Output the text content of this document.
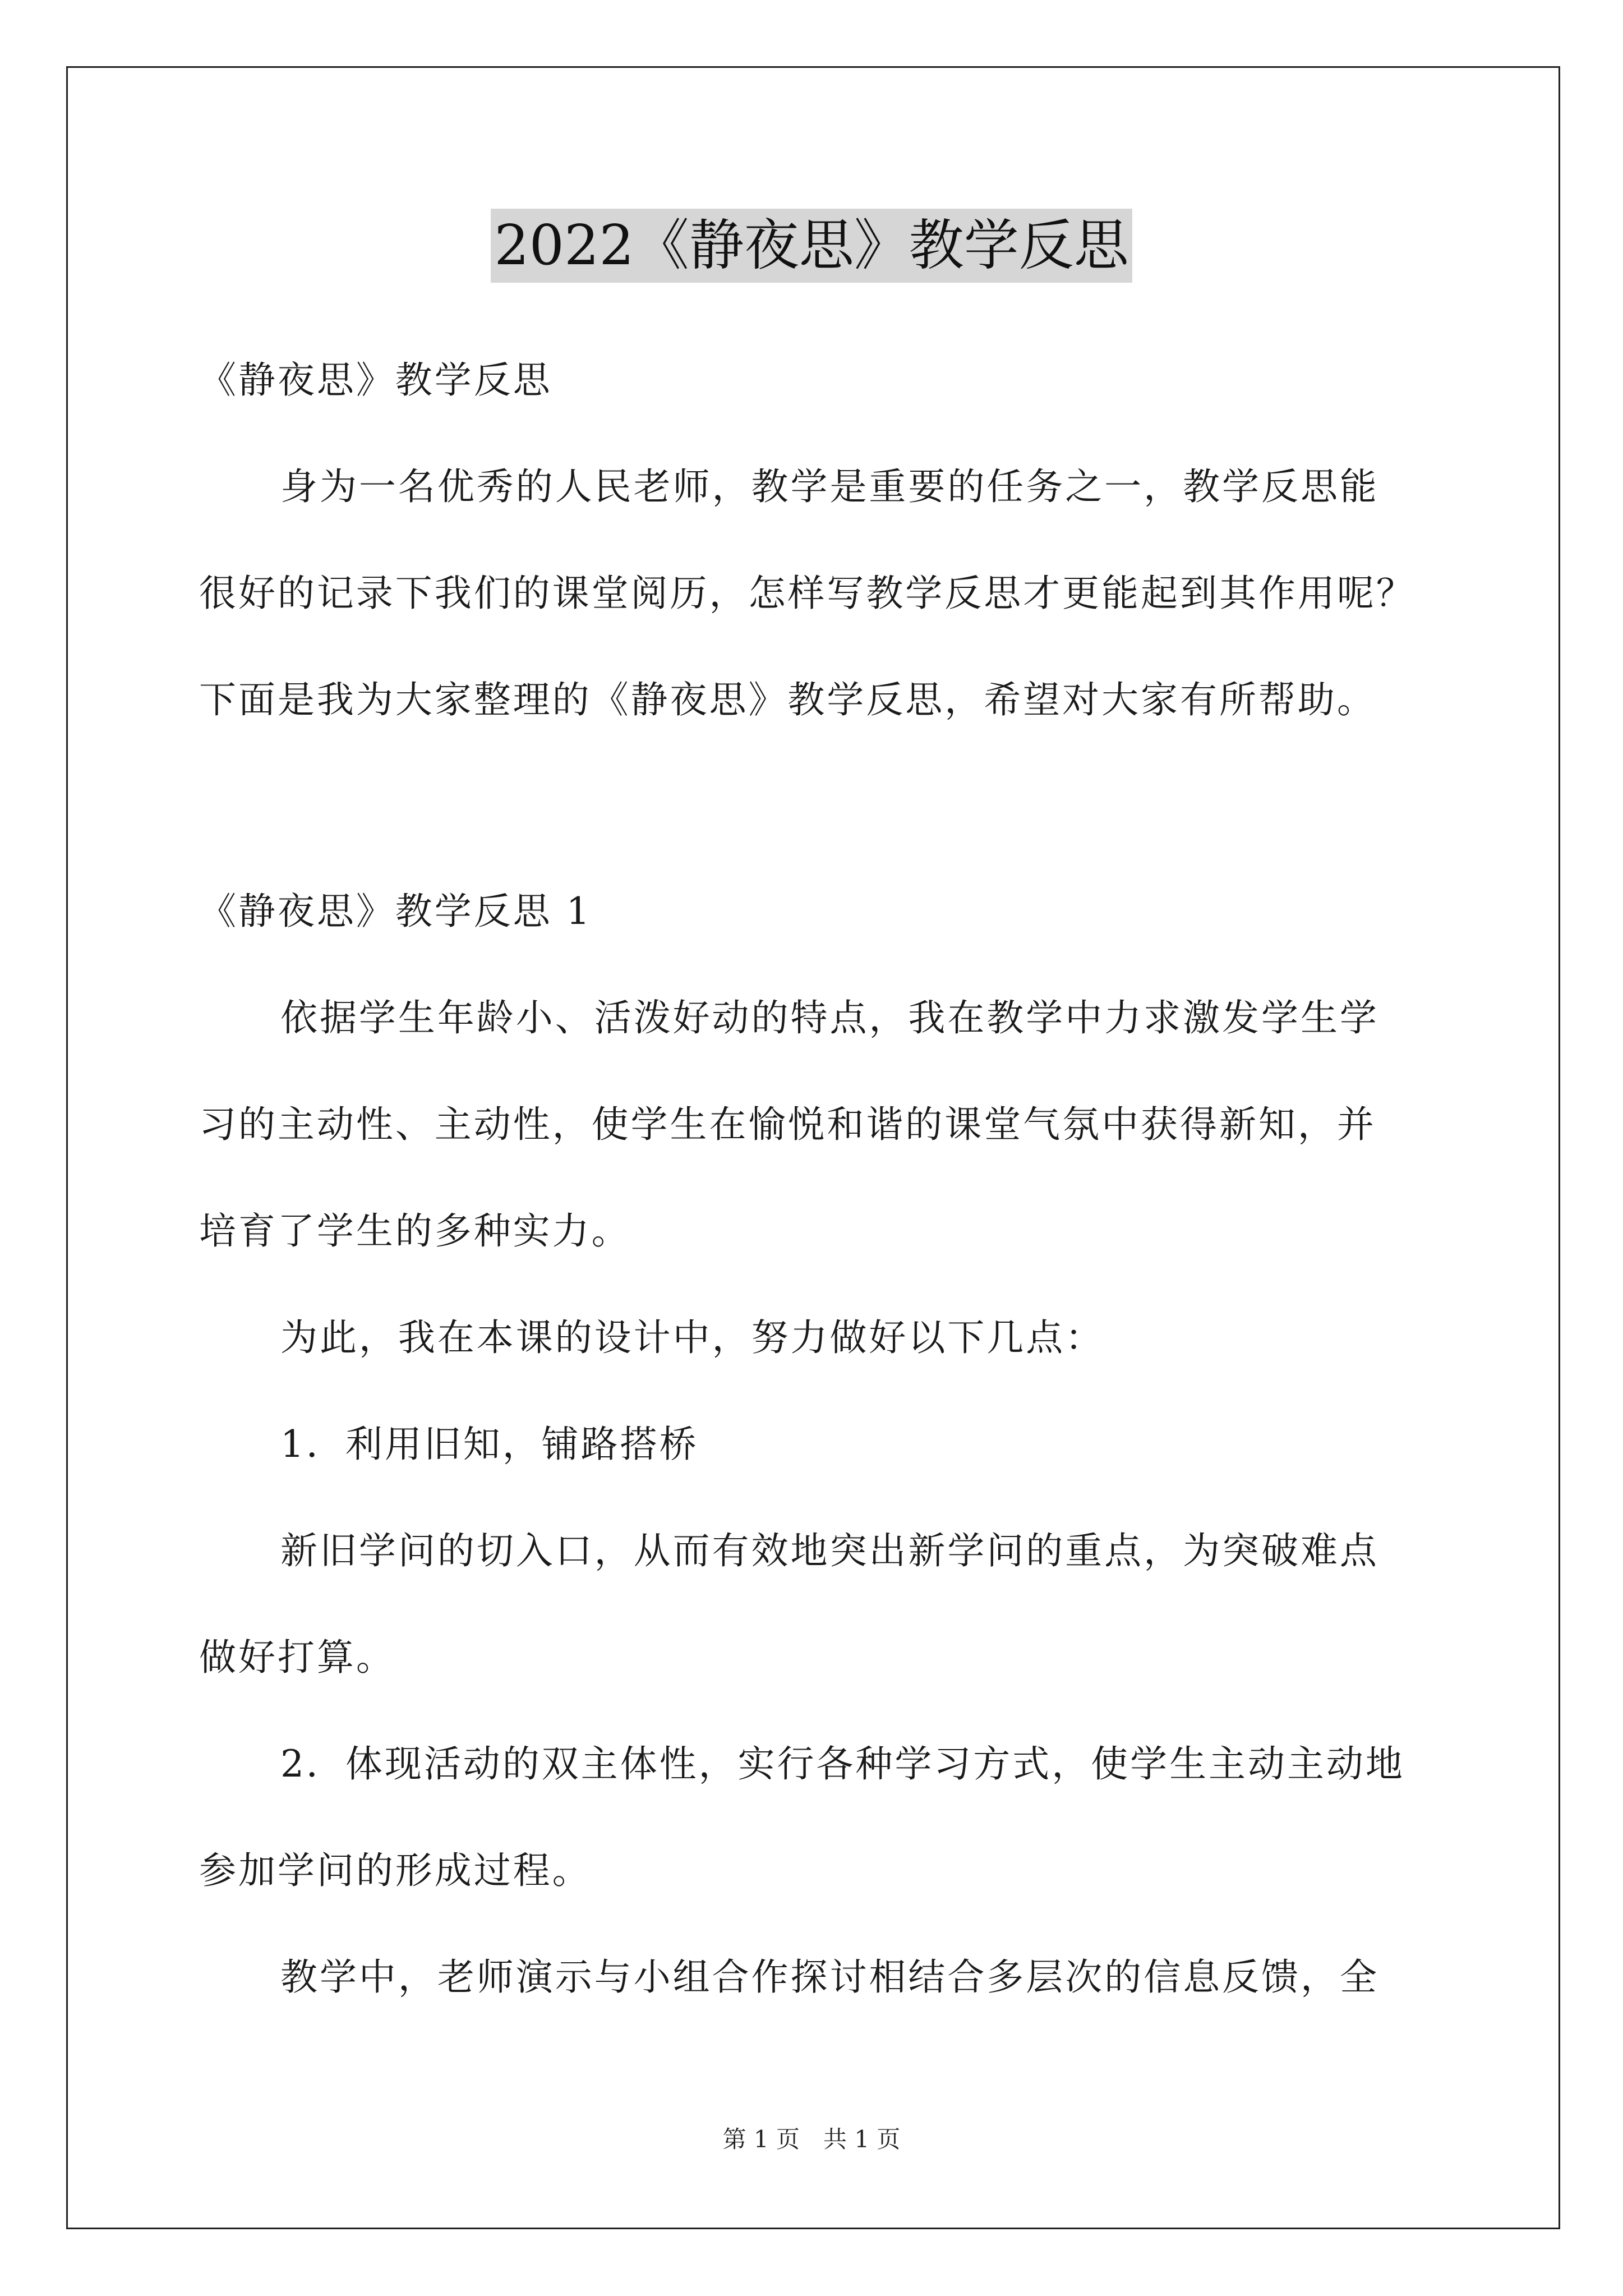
2022《静夜思》教学反思
《静夜思》教学反思
身为一名优秀的人民老师，教学是重要的任务之一，教学反思能
很好的记录下我们的课堂阅历，怎样写教学反思才更能起到其作用呢？
下面是我为大家整理的《静夜思》教学反思，希望对大家有所帮助。
《静夜思》教学反思 1
依据学生年龄小、活泼好动的特点，我在教学中力求激发学生学
习的主动性、主动性，使学生在愉悦和谐的课堂气氛中获得新知，并
培育了学生的多种实力。
为此，我在本课的设计中，努力做好以下几点：
1．利用旧知，铺路搭桥
新旧学问的切入口，从而有效地突出新学问的重点，为突破难点
做好打算。
2．体现活动的双主体性，实行各种学习方式，使学生主动主动地
参加学问的形成过程。
教学中，老师演示与小组合作探讨相结合多层次的信息反馈，全
第 1 页　共 1 页
